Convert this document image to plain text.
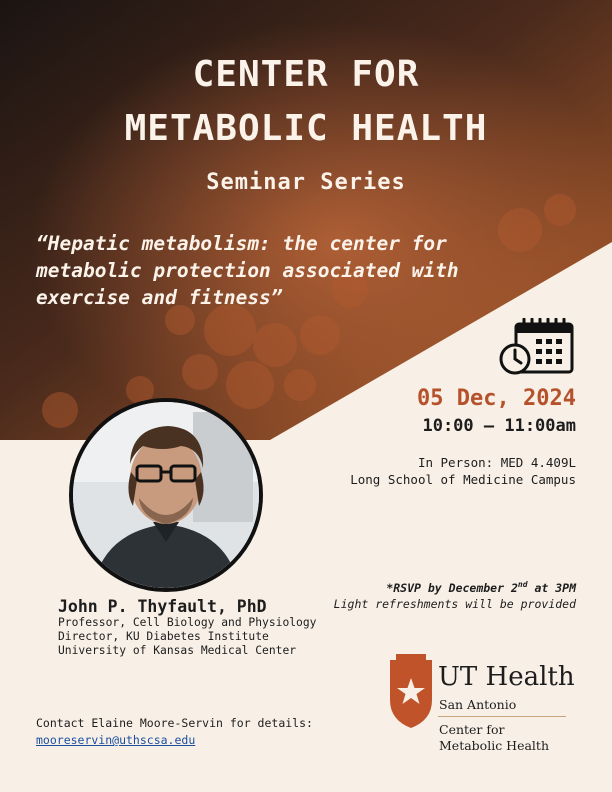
CENTER FOR
METABOLIC HEALTH
Seminar Series
“Hepatic metabolism: the center for
metabolic protection associated with
exercise and fitness”
05 Dec, 2024
10:00 – 11:00am
In Person: MED 4.409L
Long School of Medicine Campus
*RSVP by December 2nd at 3PM
Light refreshments will be provided
John P. Thyfault, PhD
Professor, Cell Biology and Physiology
Director, KU Diabetes Institute
University of Kansas Medical Center
Contact Elaine Moore-Servin for details:
mooreservin@uthscsa.edu
UT Health
San Antonio
Center for
Metabolic Health
